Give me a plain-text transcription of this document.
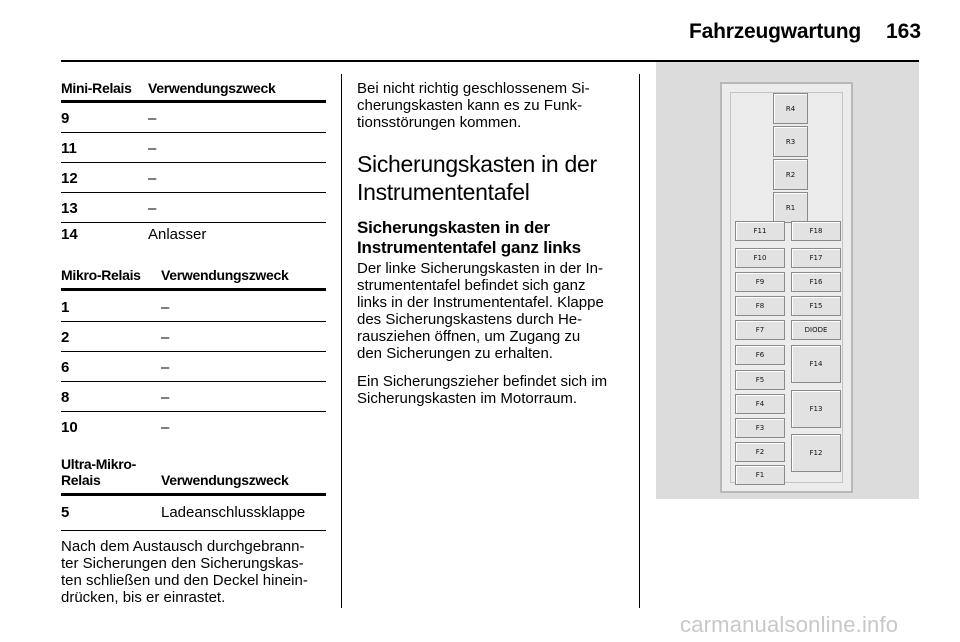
Fahrzeugwartung 163
Mini-Relais Verwendungszweck
9	–
11	–
12	–
13	–
14	Anlasser
Mikro-Relais Verwendungszweck
1	–
2	–
6	–
8	–
10	–
Ultra-Mikro-
Relais	Verwendungszweck
5	Ladeanschlussklappe
Nach dem Austausch durchgebrann-
ter Sicherungen den Sicherungskas-
ten schließen und den Deckel hinein-
drücken, bis er einrastet.
Bei nicht richtig geschlossenem Si-
cherungskasten kann es zu Funk-
tionsstörungen kommen.
Sicherungskasten in der
Instrumententafel
Sicherungskasten in der
Instrumententafel ganz links
Der linke Sicherungskasten in der In-
strumententafel befindet sich ganz
links in der Instrumententafel. Klappe
des Sicherungskastens durch He-
rausziehen öffnen, um Zugang zu
den Sicherungen zu erhalten.
Ein Sicherungszieher befindet sich im
Sicherungskasten im Motorraum.
R4
R3
R2
R1
F11
F10
F9
F8
F7
F6
F5
F4
F3
F2
F1
F18
F17
F16
F15
DIODE
F14
F13
F12
carmanualsonline.info
